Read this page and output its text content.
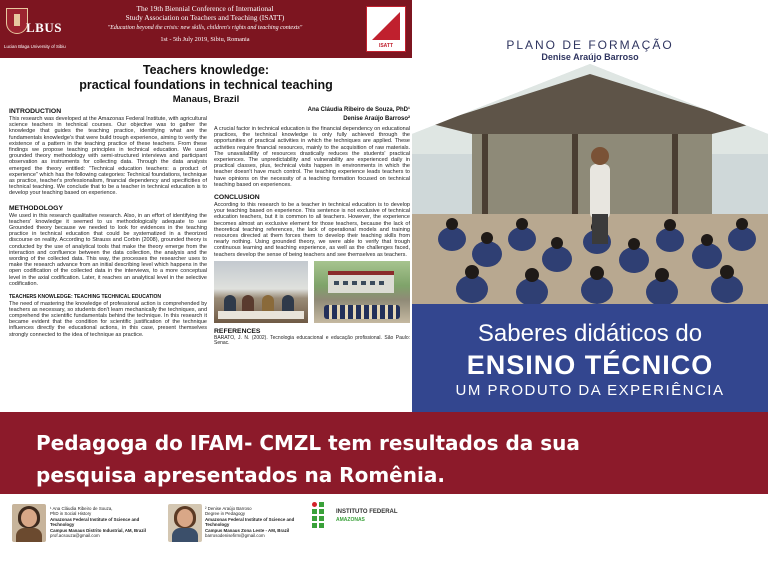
LBUS
Lucian Blaga University of Sibiu
The 19th Biennial Conference of International
Study Association on Teachers and Teaching (ISATT)
"Education beyond the crisis: new skills, children's rights and teaching contexts"
1st - 5th July 2019, Sibiu, Romania
ISATT
Teachers knowledge:
practical foundations in technical teaching
Manaus, Brazil
Ana Cláudia Ribeiro de Souza, PhD¹
Denise Araújo Barroso²
INTRODUCTION

This research was developed at the Amazonas Federal Institute, with agricultural science teachers in technical courses. Our objective was to gather the knowledge that guides the teaching practice, identifying what are the fundamentals knowledge's that were build trough experience, aiming to verify the existence of a pattern in the teaching practice of these teachers. From these findings we propose teaching principles in technical education. We used grounded theory methodology with semi-structured interviews and participant observation as instruments for collecting data. Through the data analysis emerged the theory entitled: "Technical education teachers: a product of experience" which has the following categories: Technical foundations, technique as practice, teacher's professionalism, financial dependency and specificities of technical teaching. We conclude that to be a teacher in technical education is to develop your teaching based on experience.

METHODOLOGY

We used in this research qualitative research. Also, in an effort of identifying the teachers' knowledge it seemed to us methodologically adequate to use Grounded theory because we needed to look for evidences in the teaching practice in technical education that could be systematized in a theorized discourse on reality. According to Strauss and Corbin (2008), grounded theory is conducted by the use of analytical tools that make the theory emerge from the interaction and confluence between the data collection, the analysis and the wording of the collected data. This way, the processes the researcher uses to make the research advance from an initial describing level which happens in the open codification of the collected data in the interviews, to a more conceptual level in the axial codification. Later, it reaches an analytical level in the selective codification.

TEACHERS KNOWLEDGE: TEACHING TECHNICAL EDUCATION

The need of mastering the knowledge of professional action is comprehended by teachers as necessary, so students don't learn mechanically the techniques, and comprehend the scientific fundamentals behind the technique. In this research it became evident that the condition for scientific justification of the technique influences directly the educational actions, in this case, present themselves strongly connected to the idea of technique as practice.

A crucial factor in technical education is the financial dependency on educational practices, the technical knowledge is only fully achieved through the opportunities of practical activities in which the techniques are applied. These activities require financial resources, mainly to the acquisition of raw materials. The unavailability of resources drastically reduces the students' practical experiences. The unpredictability and vulnerability are experienced daily in practical classes, plus, technical visits happen in environments in which the teacher doesn't have much control. The teaching experience leads teachers to have opinions on the necessity of a teaching formation focused on technical teaching based on experiences.

CONCLUSION

According to this research to be a teacher in technical education is to develop your teaching based on experience. This sentence is not exclusive of technical education teachers, but it is common to all teachers. However, the experience becomes almost an exclusive element for those teachers, because the lack of theoretical teaching references, the lack of operational models and training resources directed at them forces them to develop their teaching skills from nearly nothing. Using grounded theory, we were able to verify that trough continuous learning and teaching experience, as well as the challenges faced, teachers develop the sense of being teachers and see themselves as teachers.

REFERENCES

BARATO, J. N. (2002). Tecnologia educacional e educação profissional. São Paulo: Senac.

PLANO DE FORMAÇÃO
Denise Araújo Barroso
Saberes didáticos do
ENSINO TÉCNICO
UM PRODUTO DA EXPERIÊNCIA
Pedagoga do IFAM- CMZL tem resultados da sua
pesquisa apresentados na Romênia.
¹ Ana Cláudia Ribeiro de Souza,
PhD in Social History
Amazonas Federal Institute of Science and
Technology
Campus Manaus Distrito Industrial, AM, Brazil
prof.acsouza@gmail.com
² Denise Araújo Barroso
Degree in Pedagogy
Amazonas Federal Institute of Science and
Technology
Campus Manaus Zona Leste - AM, Brazil
barrosodenisefirm@gmail.com
INSTITUTO FEDERAL
AMAZONAS
